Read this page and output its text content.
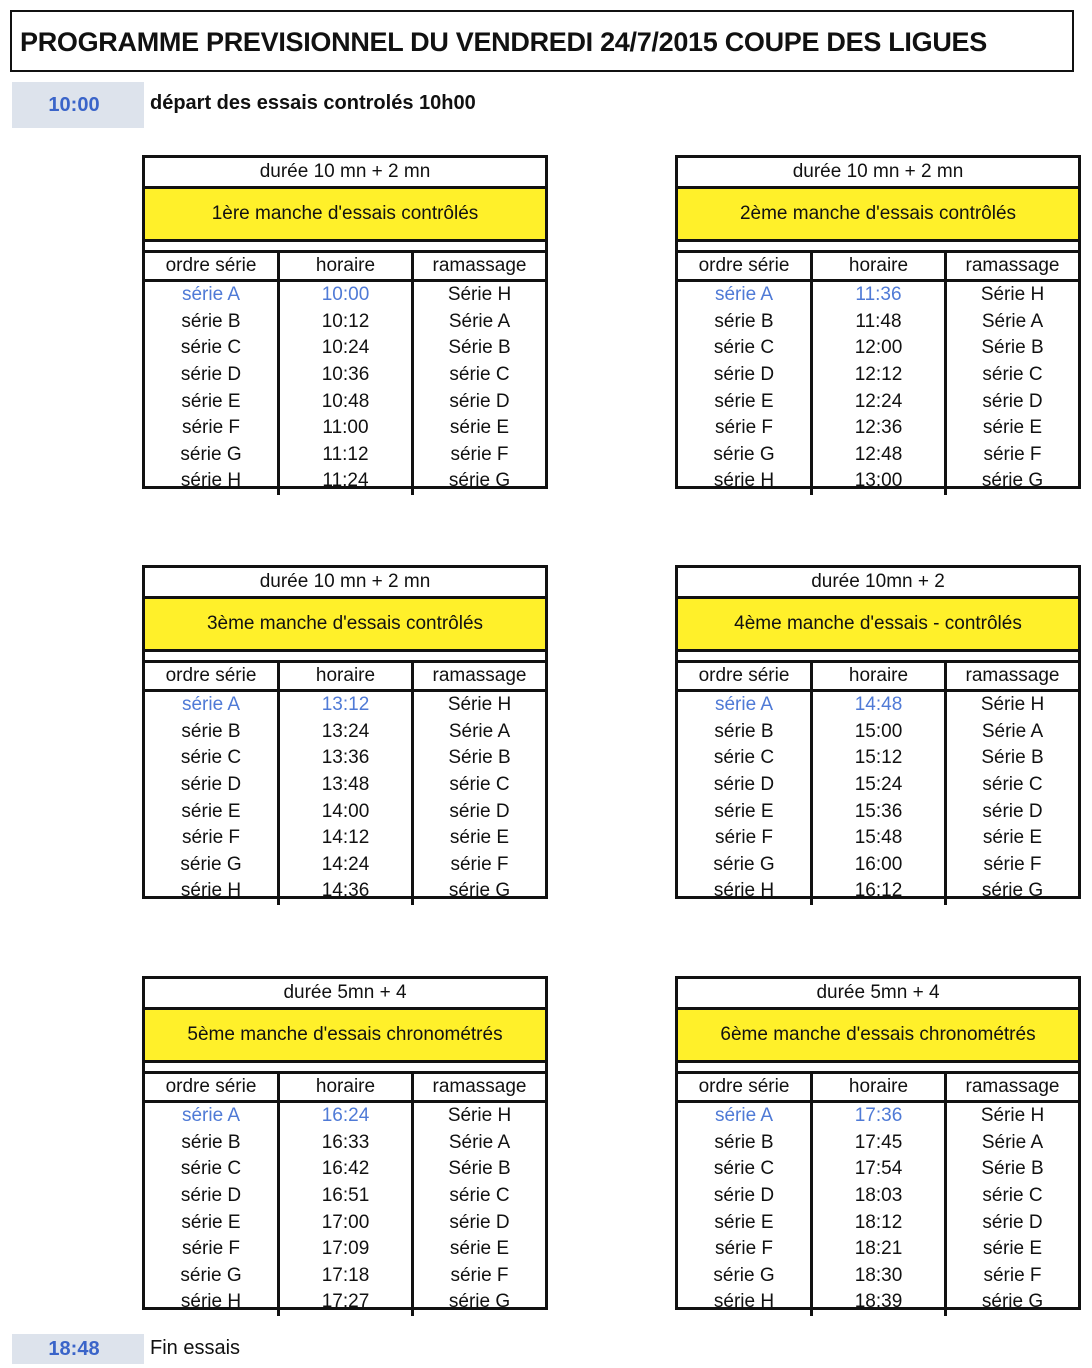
PROGRAMME PREVISIONNEL DU VENDREDI 24/7/2015 COUPE DES LIGUES
10:00	départ des essais controlés 10h00
durée 10 mn + 2 mn
1ère manche d'essais contrôlés
ordre série	horaire	ramassage
série A	10:00	Série H
série B	10:12	Série A
série C	10:24	Série B
série D	10:36	série C
série E	10:48	série D
série F	11:00	série E
série G	11:12	série F
série H	11:24	série G
durée 10 mn + 2 mn
2ème manche d'essais contrôlés
ordre série	horaire	ramassage
série A	11:36	Série H
série B	11:48	Série A
série C	12:00	Série B
série D	12:12	série C
série E	12:24	série D
série F	12:36	série E
série G	12:48	série F
série H	13:00	série G
durée 10 mn + 2 mn
3ème manche d'essais contrôlés
ordre série	horaire	ramassage
série A	13:12	Série H
série B	13:24	Série A
série C	13:36	Série B
série D	13:48	série C
série E	14:00	série D
série F	14:12	série E
série G	14:24	série F
série H	14:36	série G
durée 10mn + 2
4ème manche d'essais - contrôlés
ordre série	horaire	ramassage
série A	14:48	Série H
série B	15:00	Série A
série C	15:12	Série B
série D	15:24	série C
série E	15:36	série D
série F	15:48	série E
série G	16:00	série F
série H	16:12	série G
durée 5mn + 4
5ème manche d'essais chronométrés
ordre série	horaire	ramassage
série A	16:24	Série H
série B	16:33	Série A
série C	16:42	Série B
série D	16:51	série C
série E	17:00	série D
série F	17:09	série E
série G	17:18	série F
série H	17:27	série G
durée 5mn + 4
6ème manche d'essais chronométrés
ordre série	horaire	ramassage
série A	17:36	Série H
série B	17:45	Série A
série C	17:54	Série B
série D	18:03	série C
série E	18:12	série D
série F	18:21	série E
série G	18:30	série F
série H	18:39	série G
18:48	Fin essais
